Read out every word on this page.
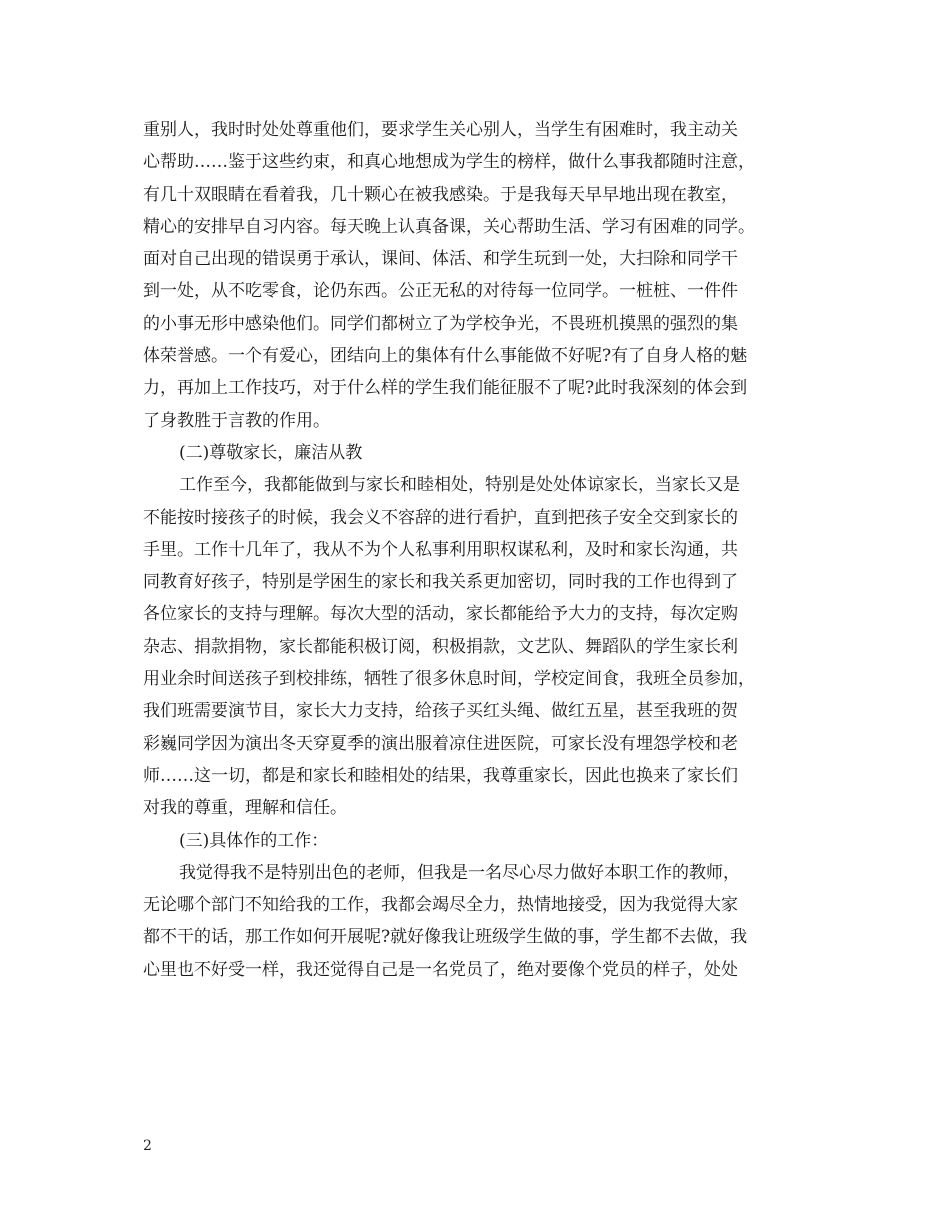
重别人，我时时处处尊重他们，要求学生关心别人，当学生有困难时，我主动关
心帮助……鉴于这些约束，和真心地想成为学生的榜样，做什么事我都随时注意，
有几十双眼睛在看着我，几十颗心在被我感染。于是我每天早早地出现在教室，
精心的安排早自习内容。每天晚上认真备课，关心帮助生活、学习有困难的同学。
面对自己出现的错误勇于承认，课间、体活、和学生玩到一处，大扫除和同学干
到一处，从不吃零食，论仍东西。公正无私的对待每一位同学。一桩桩、一件件
的小事无形中感染他们。同学们都树立了为学校争光，不畏班机摸黑的强烈的集
体荣誉感。一个有爱心，团结向上的集体有什么事能做不好呢?有了自身人格的魅
力，再加上工作技巧，对于什么样的学生我们能征服不了呢?此时我深刻的体会到
了身教胜于言教的作用。
(二)尊敬家长，廉洁从教
工作至今，我都能做到与家长和睦相处，特别是处处体谅家长，当家长又是
不能按时接孩子的时候，我会义不容辞的进行看护，直到把孩子安全交到家长的
手里。工作十几年了，我从不为个人私事利用职权谋私利，及时和家长沟通，共
同教育好孩子，特别是学困生的家长和我关系更加密切，同时我的工作也得到了
各位家长的支持与理解。每次大型的活动，家长都能给予大力的支持，每次定购
杂志、捐款捐物，家长都能积极订阅，积极捐款，文艺队、舞蹈队的学生家长利
用业余时间送孩子到校排练，牺牲了很多休息时间，学校定间食，我班全员参加，
我们班需要演节目，家长大力支持，给孩子买红头绳、做红五星，甚至我班的贺
彩巍同学因为演出冬天穿夏季的演出服着凉住进医院，可家长没有埋怨学校和老
师……这一切，都是和家长和睦相处的结果，我尊重家长，因此也换来了家长们
对我的尊重，理解和信任。
(三)具体作的工作：
我觉得我不是特别出色的老师，但我是一名尽心尽力做好本职工作的教师，
无论哪个部门不知给我的工作，我都会竭尽全力，热情地接受，因为我觉得大家
都不干的话，那工作如何开展呢?就好像我让班级学生做的事，学生都不去做，我
心里也不好受一样，我还觉得自己是一名党员了，绝对要像个党员的样子，处处
2
